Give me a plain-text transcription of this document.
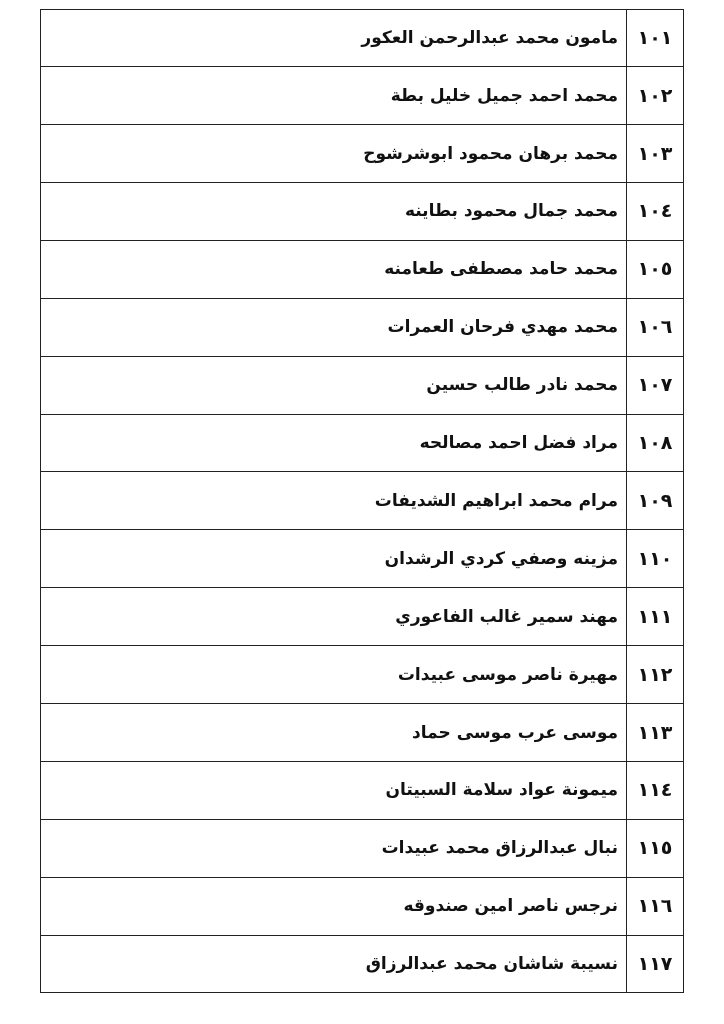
١٠١	مامون محمد عبدالرحمن العكور
١٠٢	محمد احمد جميل خليل بطة
١٠٣	محمد برهان محمود ابوشرشوح
١٠٤	محمد جمال محمود بطاينه
١٠٥	محمد حامد مصطفى طعامنه
١٠٦	محمد مهدي فرحان العمرات
١٠٧	محمد نادر طالب حسين
١٠٨	مراد فضل احمد مصالحه
١٠٩	مرام محمد ابراهيم الشديفات
١١٠	مزينه وصفي كردي الرشدان
١١١	مهند سمير غالب الفاعوري
١١٢	مهيرة ناصر موسى عبيدات
١١٣	موسى عرب موسى حماد
١١٤	ميمونة عواد سلامة السبيتان
١١٥	نبال عبدالرزاق محمد عبيدات
١١٦	نرجس ناصر امين صندوقه
١١٧	نسيبة شاشان محمد عبدالرزاق
